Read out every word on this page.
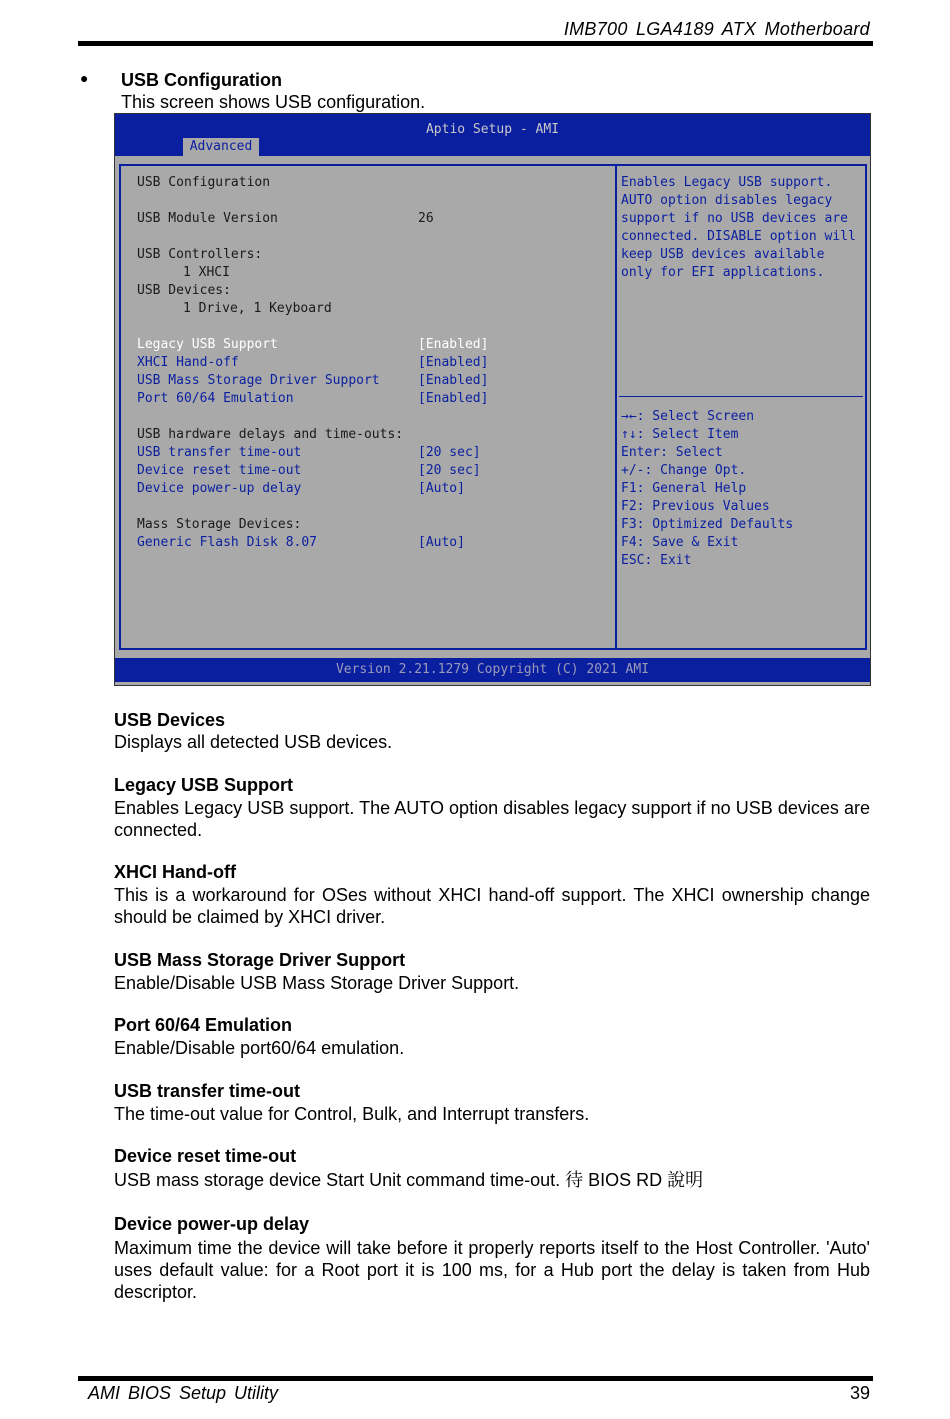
IMB700 LGA4189 ATX Motherboard
● USB Configuration
This screen shows USB configuration.
Aptio Setup - AMI
Advanced
USB Configuration
USB Module Version	26
USB Controllers:
1 XHCI
USB Devices:
1 Drive, 1 Keyboard
Legacy USB Support	[Enabled]
XHCI Hand-off	[Enabled]
USB Mass Storage Driver Support	[Enabled]
Port 60/64 Emulation	[Enabled]
USB hardware delays and time-outs:
USB transfer time-out	[20 sec]
Device reset time-out	[20 sec]
Device power-up delay	[Auto]
Mass Storage Devices:
Generic Flash Disk 8.07	[Auto]
Enables Legacy USB support.
AUTO option disables legacy
support if no USB devices are
connected. DISABLE option will
keep USB devices available
only for EFI applications.
→←: Select Screen
↑↓: Select Item
Enter: Select
+/-: Change Opt.
F1: General Help
F2: Previous Values
F3: Optimized Defaults
F4: Save & Exit
ESC: Exit
Version 2.21.1279 Copyright (C) 2021 AMI
USB Devices
Displays all detected USB devices.
Legacy USB Support
Enables Legacy USB support. The AUTO option disables legacy support if no USB devices are connected.
XHCI Hand-off
This is a workaround for OSes without XHCI hand-off support. The XHCI ownership change should be claimed by XHCI driver.
USB Mass Storage Driver Support
Enable/Disable USB Mass Storage Driver Support.
Port 60/64 Emulation
Enable/Disable port60/64 emulation.
USB transfer time-out
The time-out value for Control, Bulk, and Interrupt transfers.
Device reset time-out
USB mass storage device Start Unit command time-out. 待 BIOS RD 說明
Device power-up delay
Maximum time the device will take before it properly reports itself to the Host Controller. 'Auto' uses default value: for a Root port it is 100 ms, for a Hub port the delay is taken from Hub descriptor.
AMI BIOS Setup Utility	39
